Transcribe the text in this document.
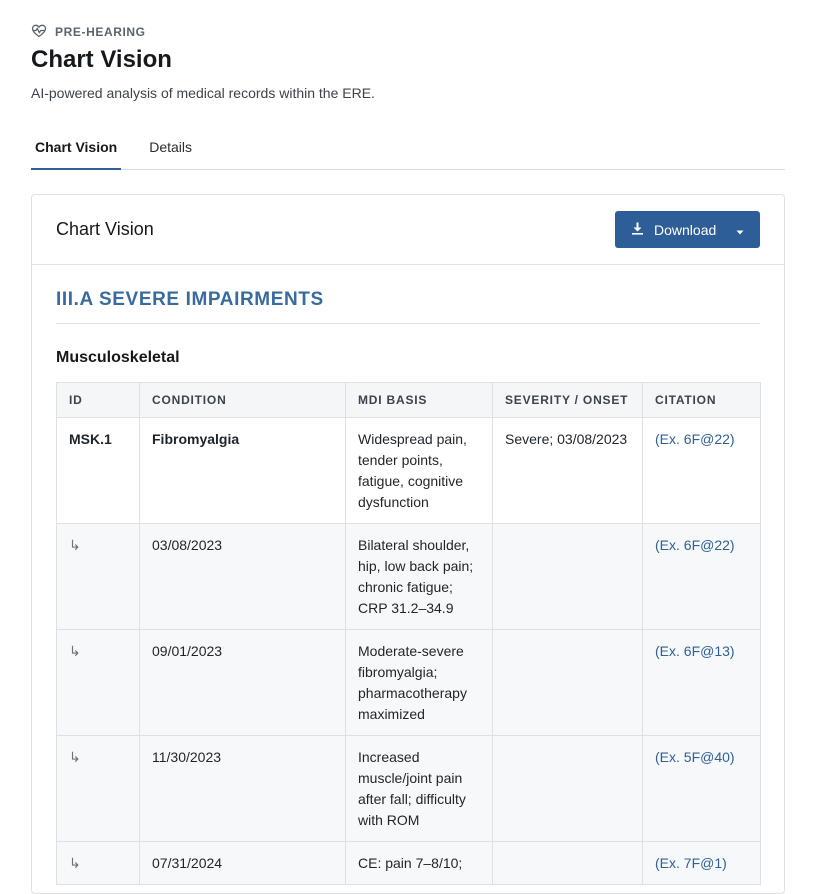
PRE-HEARING
Chart Vision
AI-powered analysis of medical records within the ERE.
Chart Vision Details
Chart Vision	Download
III.A SEVERE IMPAIRMENTS
Musculoskeletal
ID	CONDITION	MDI BASIS	SEVERITY / ONSET	CITATION
MSK.1	Fibromyalgia	Widespread pain, tender points, fatigue, cognitive dysfunction	Severe; 03/08/2023	(Ex. 6F@22)
↳	03/08/2023	Bilateral shoulder, hip, low back pain; chronic fatigue; CRP 31.2–34.9		(Ex. 6F@22)
↳	09/01/2023	Moderate-severe fibromyalgia; pharmacotherapy maximized		(Ex. 6F@13)
↳	11/30/2023	Increased muscle/joint pain after fall; difficulty with ROM		(Ex. 5F@40)
↳	07/31/2024	CE: pain 7–8/10;		(Ex. 7F@1)
